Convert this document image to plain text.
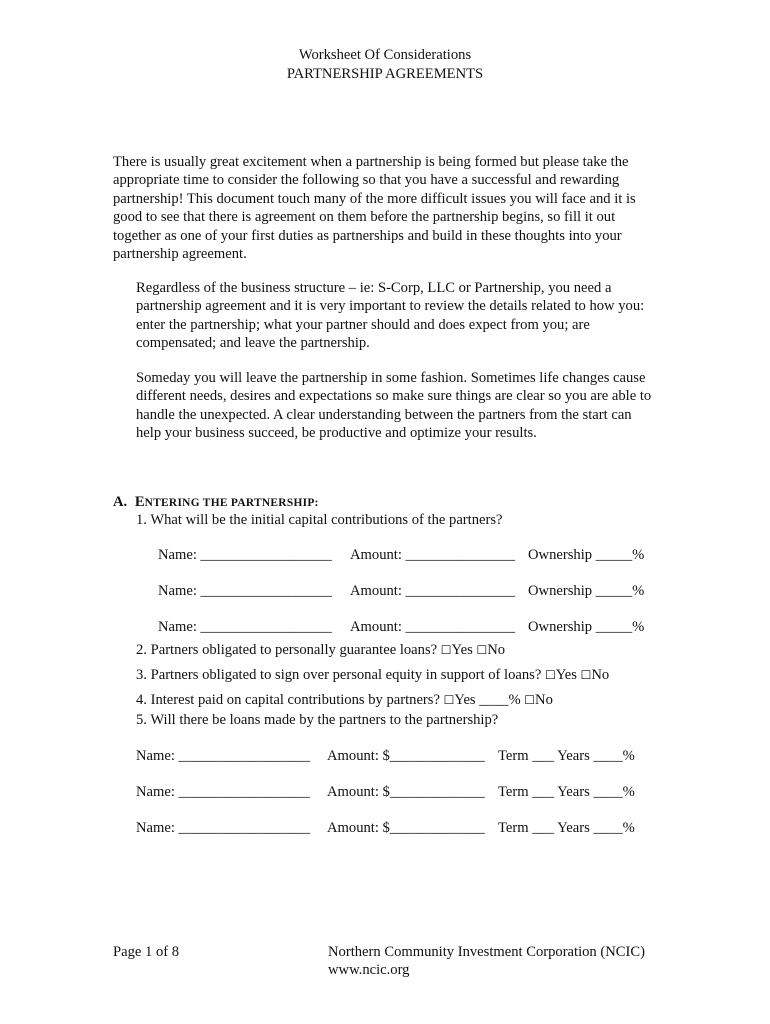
Worksheet Of Considerations
PARTNERSHIP AGREEMENTS
There is usually great excitement when a partnership is being formed but please take the appropriate time to consider the following so that you have a successful and rewarding partnership! This document touch many of the more difficult issues you will face and it is good to see that there is agreement on them before the partnership begins, so fill it out together as one of your first duties as partnerships and build in these thoughts into your partnership agreement.
Regardless of the business structure – ie: S-Corp, LLC or Partnership, you need a partnership agreement and it is very important to review the details related to how you: enter the partnership; what your partner should and does expect from you; are compensated; and leave the partnership.
Someday you will leave the partnership in some fashion. Sometimes life changes cause different needs, desires and expectations so make sure things are clear so you are able to handle the unexpected. A clear understanding between the partners from the start can help your business succeed, be productive and optimize your results.
A. ENTERING THE PARTNERSHIP:
1. What will be the initial capital contributions of the partners?
Name: __________________ Amount: _______________ Ownership _____%
Name: __________________ Amount: _______________ Ownership _____%
Name: __________________ Amount: _______________ Ownership _____%
2. Partners obligated to personally guarantee loans? ☐Yes ☐No
3. Partners obligated to sign over personal equity in support of loans? ☐Yes ☐No
4. Interest paid on capital contributions by partners? ☐Yes ____% ☐No
5. Will there be loans made by the partners to the partnership?
Name: __________________ Amount: $_____________ Term ___ Years ____%
Name: __________________ Amount: $_____________ Term ___ Years ____%
Name: __________________ Amount: $_____________ Term ___ Years ____%
Page 1 of 8	Northern Community Investment Corporation (NCIC)
www.ncic.org
